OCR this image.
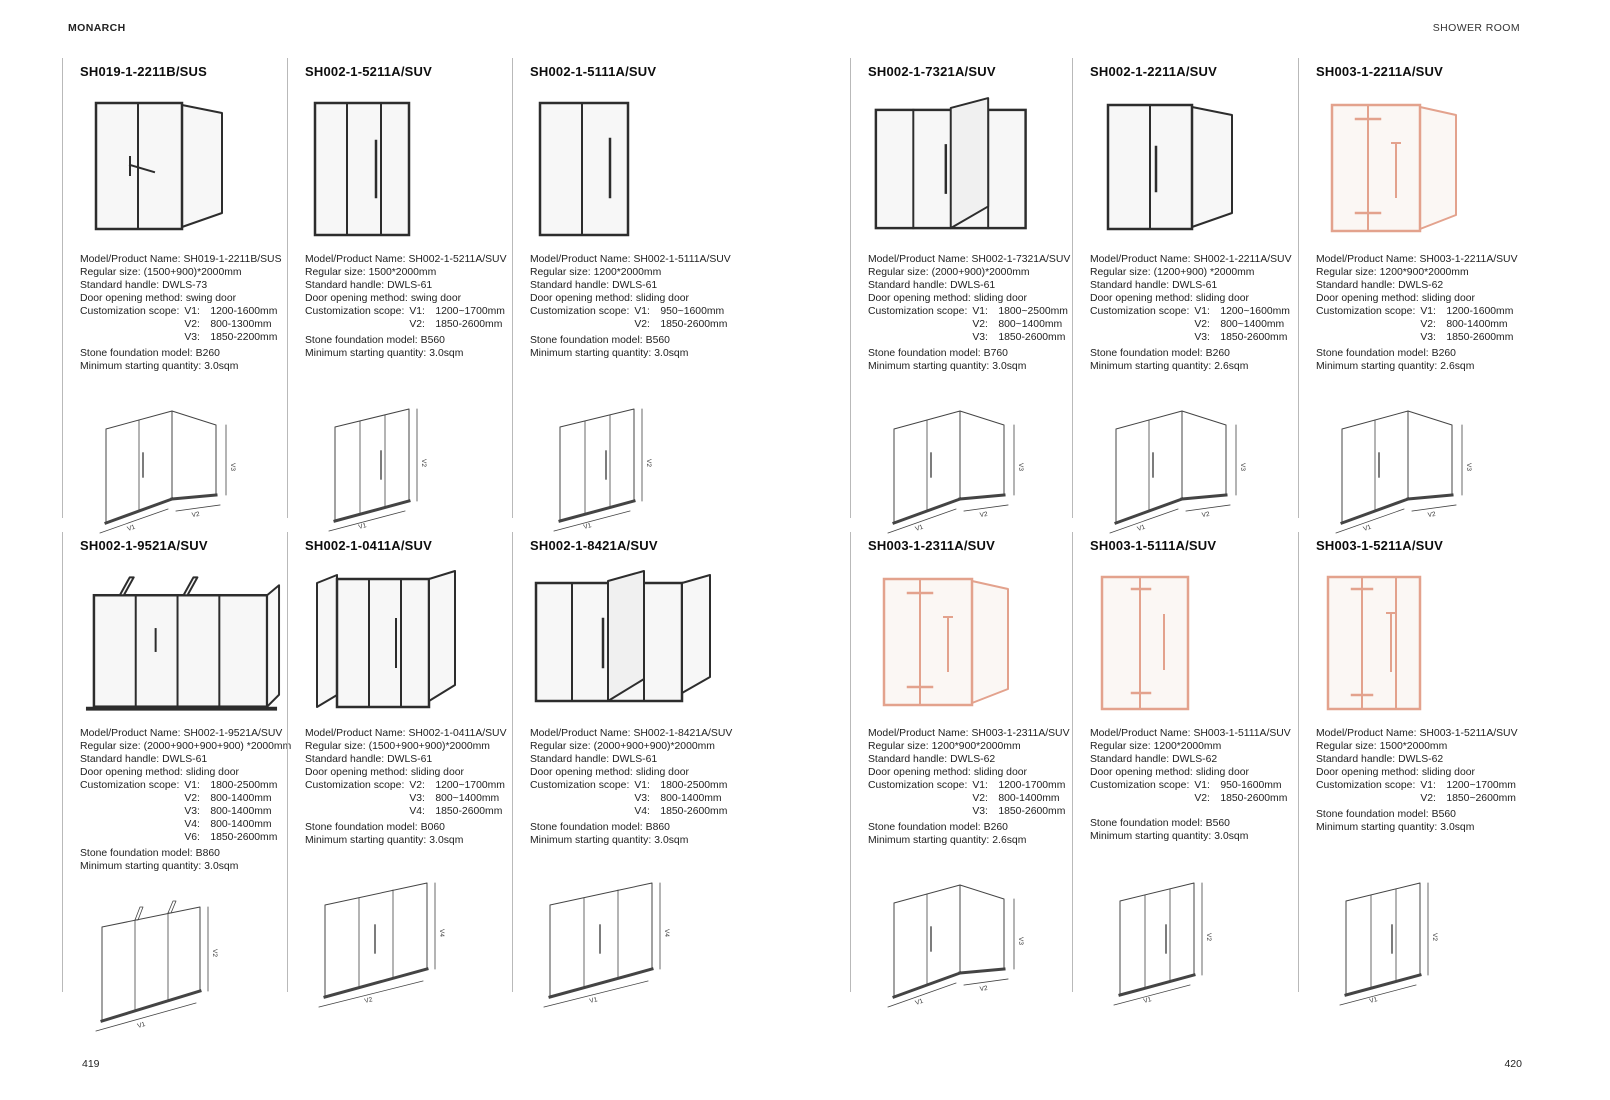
MONARCH	SHOWER ROOM
SH019-1-2211B/SUS
Model/Product Name: SH019-1-2211B/SUS
Regular size: (1500+900)*2000mm
Standard handle: DWLS-73
Door opening method: swing door
Customization scope: V1: 1200-1600mm
V2: 800-1300mm
V3: 1850-2200mm
Stone foundation model: B260
Minimum starting quantity: 3.0sqm
V1
V2
V3
SH002-1-5211A/SUV
Model/Product Name: SH002-1-5211A/SUV
Regular size: 1500*2000mm
Standard handle: DWLS-61
Door opening method: swing door
Customization scope: V1: 1200~1700mm
V2: 1850-2600mm
Stone foundation model: B560
Minimum starting quantity: 3.0sqm
V1
V2
SH002-1-5111A/SUV
Model/Product Name: SH002-1-5111A/SUV
Regular size: 1200*2000mm
Standard handle: DWLS-61
Door opening method: sliding door
Customization scope: V1: 950~1600mm
V2: 1850-2600mm
Stone foundation model: B560
Minimum starting quantity: 3.0sqm
V1
V2
SH002-1-7321A/SUV
Model/Product Name: SH002-1-7321A/SUV
Regular size: (2000+900)*2000mm
Standard handle: DWLS-61
Door opening method: sliding door
Customization scope: V1: 1800~2500mm
V2: 800~1400mm
V3: 1850-2600mm
Stone foundation model: B760
Minimum starting quantity: 3.0sqm
V1
V2
V3
SH002-1-2211A/SUV
Model/Product Name: SH002-1-2211A/SUV
Regular size: (1200+900) *2000mm
Standard handle: DWLS-61
Door opening method: sliding door
Customization scope: V1: 1200~1600mm
V2: 800~1400mm
V3: 1850-2600mm
Stone foundation model: B260
Minimum starting quantity: 2.6sqm
V1
V2
V3
SH003-1-2211A/SUV
Model/Product Name: SH003-1-2211A/SUV
Regular size: 1200*900*2000mm
Standard handle: DWLS-62
Door opening method: sliding door
Customization scope: V1: 1200-1600mm
V2: 800-1400mm
V3: 1850-2600mm
Stone foundation model: B260
Minimum starting quantity: 2.6sqm
V1
V2
V3
SH002-1-9521A/SUV
Model/Product Name: SH002-1-9521A/SUV
Regular size: (2000+900+900+900) *2000mm
Standard handle: DWLS-61
Door opening method: sliding door
Customization scope: V1: 1800-2500mm
V2: 800-1400mm
V3: 800-1400mm
V4: 800-1400mm
V6: 1850-2600mm
Stone foundation model: B860
Minimum starting quantity: 3.0sqm
V1
V2
SH002-1-0411A/SUV
Model/Product Name: SH002-1-0411A/SUV
Regular size: (1500+900+900)*2000mm
Standard handle: DWLS-61
Door opening method: sliding door
Customization scope: V2: 1200~1700mm
V3: 800~1400mm
V4: 1850-2600mm
Stone foundation model: B060
Minimum starting quantity: 3.0sqm
V2
V4
SH002-1-8421A/SUV
Model/Product Name: SH002-1-8421A/SUV
Regular size: (2000+900+900)*2000mm
Standard handle: DWLS-61
Door opening method: sliding door
Customization scope: V1: 1800-2500mm
V3: 800-1400mm
V4: 1850-2600mm
Stone foundation model: B860
Minimum starting quantity: 3.0sqm
V1
V4
SH003-1-2311A/SUV
Model/Product Name: SH003-1-2311A/SUV
Regular size: 1200*900*2000mm
Standard handle: DWLS-62
Door opening method: sliding door
Customization scope: V1: 1200-1700mm
V2: 800-1400mm
V3: 1850-2600mm
Stone foundation model: B260
Minimum starting quantity: 2.6sqm
V1
V2
V3
SH003-1-5111A/SUV
Model/Product Name: SH003-1-5111A/SUV
Regular size: 1200*2000mm
Standard handle: DWLS-62
Door opening method: sliding door
Customization scope: V1: 950-1600mm
V2: 1850-2600mm
Stone foundation model: B560
Minimum starting quantity: 3.0sqm
V1
V2
SH003-1-5211A/SUV
Model/Product Name: SH003-1-5211A/SUV
Regular size: 1500*2000mm
Standard handle: DWLS-62
Door opening method: sliding door
Customization scope: V1: 1200~1700mm
V2: 1850~2600mm
Stone foundation model: B560
Minimum starting quantity: 3.0sqm
V1
V2
419	420
